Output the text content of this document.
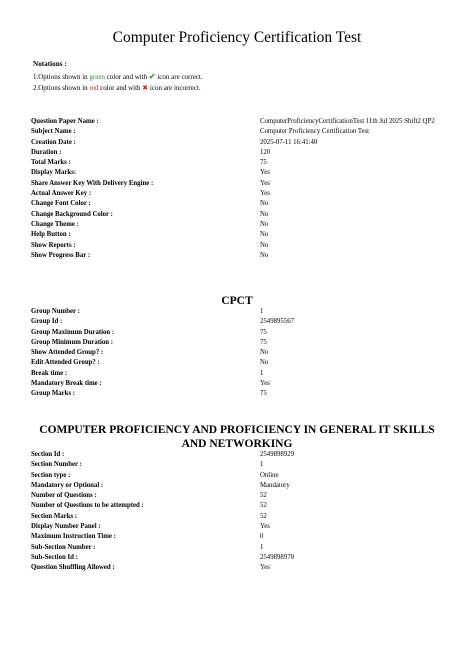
Computer Proficiency Certification Test
Notations :
1.Options shown in green color and with ✔ icon are correct.
2.Options shown in red color and with ✖ icon are incorrect.
Question Paper Name :	ComputerProficiencyCertificationTest 11th Jul 2025 Shift2 QP2
Subject Name :	Computer Proficiency Certification Test
Creation Date :	2025-07-11 16:41:40
Duration :	120
Total Marks :	75
Display Marks:	Yes
Share Answer Key With Delivery Engine :	Yes
Actual Answer Key :	Yes
Change Font Color :	No
Change Background Color :	No
Change Theme :	No
Help Button :	No
Show Reports :	No
Show Progress Bar :	No
CPCT
Group Number :	1
Group Id :	2549895567
Group Maximum Duration :	75
Group Minimum Duration :	75
Show Attended Group? :	No
Edit Attended Group? :	No
Break time :	1
Mandatory Break time :	Yes
Group Marks :	75
COMPUTER PROFICIENCY AND PROFICIENCY IN GENERAL IT SKILLS AND NETWORKING
Section Id :	2549898929
Section Number :	1
Section type :	Online
Mandatory or Optional :	Mandatory
Number of Questions :	52
Number of Questions to be attempted :	52
Section Marks :	52
Display Number Panel :	Yes
Maximum Instruction Time :	0
Sub-Section Number :	1
Sub-Section Id :	2549898970
Question Shuffling Allowed :	Yes
